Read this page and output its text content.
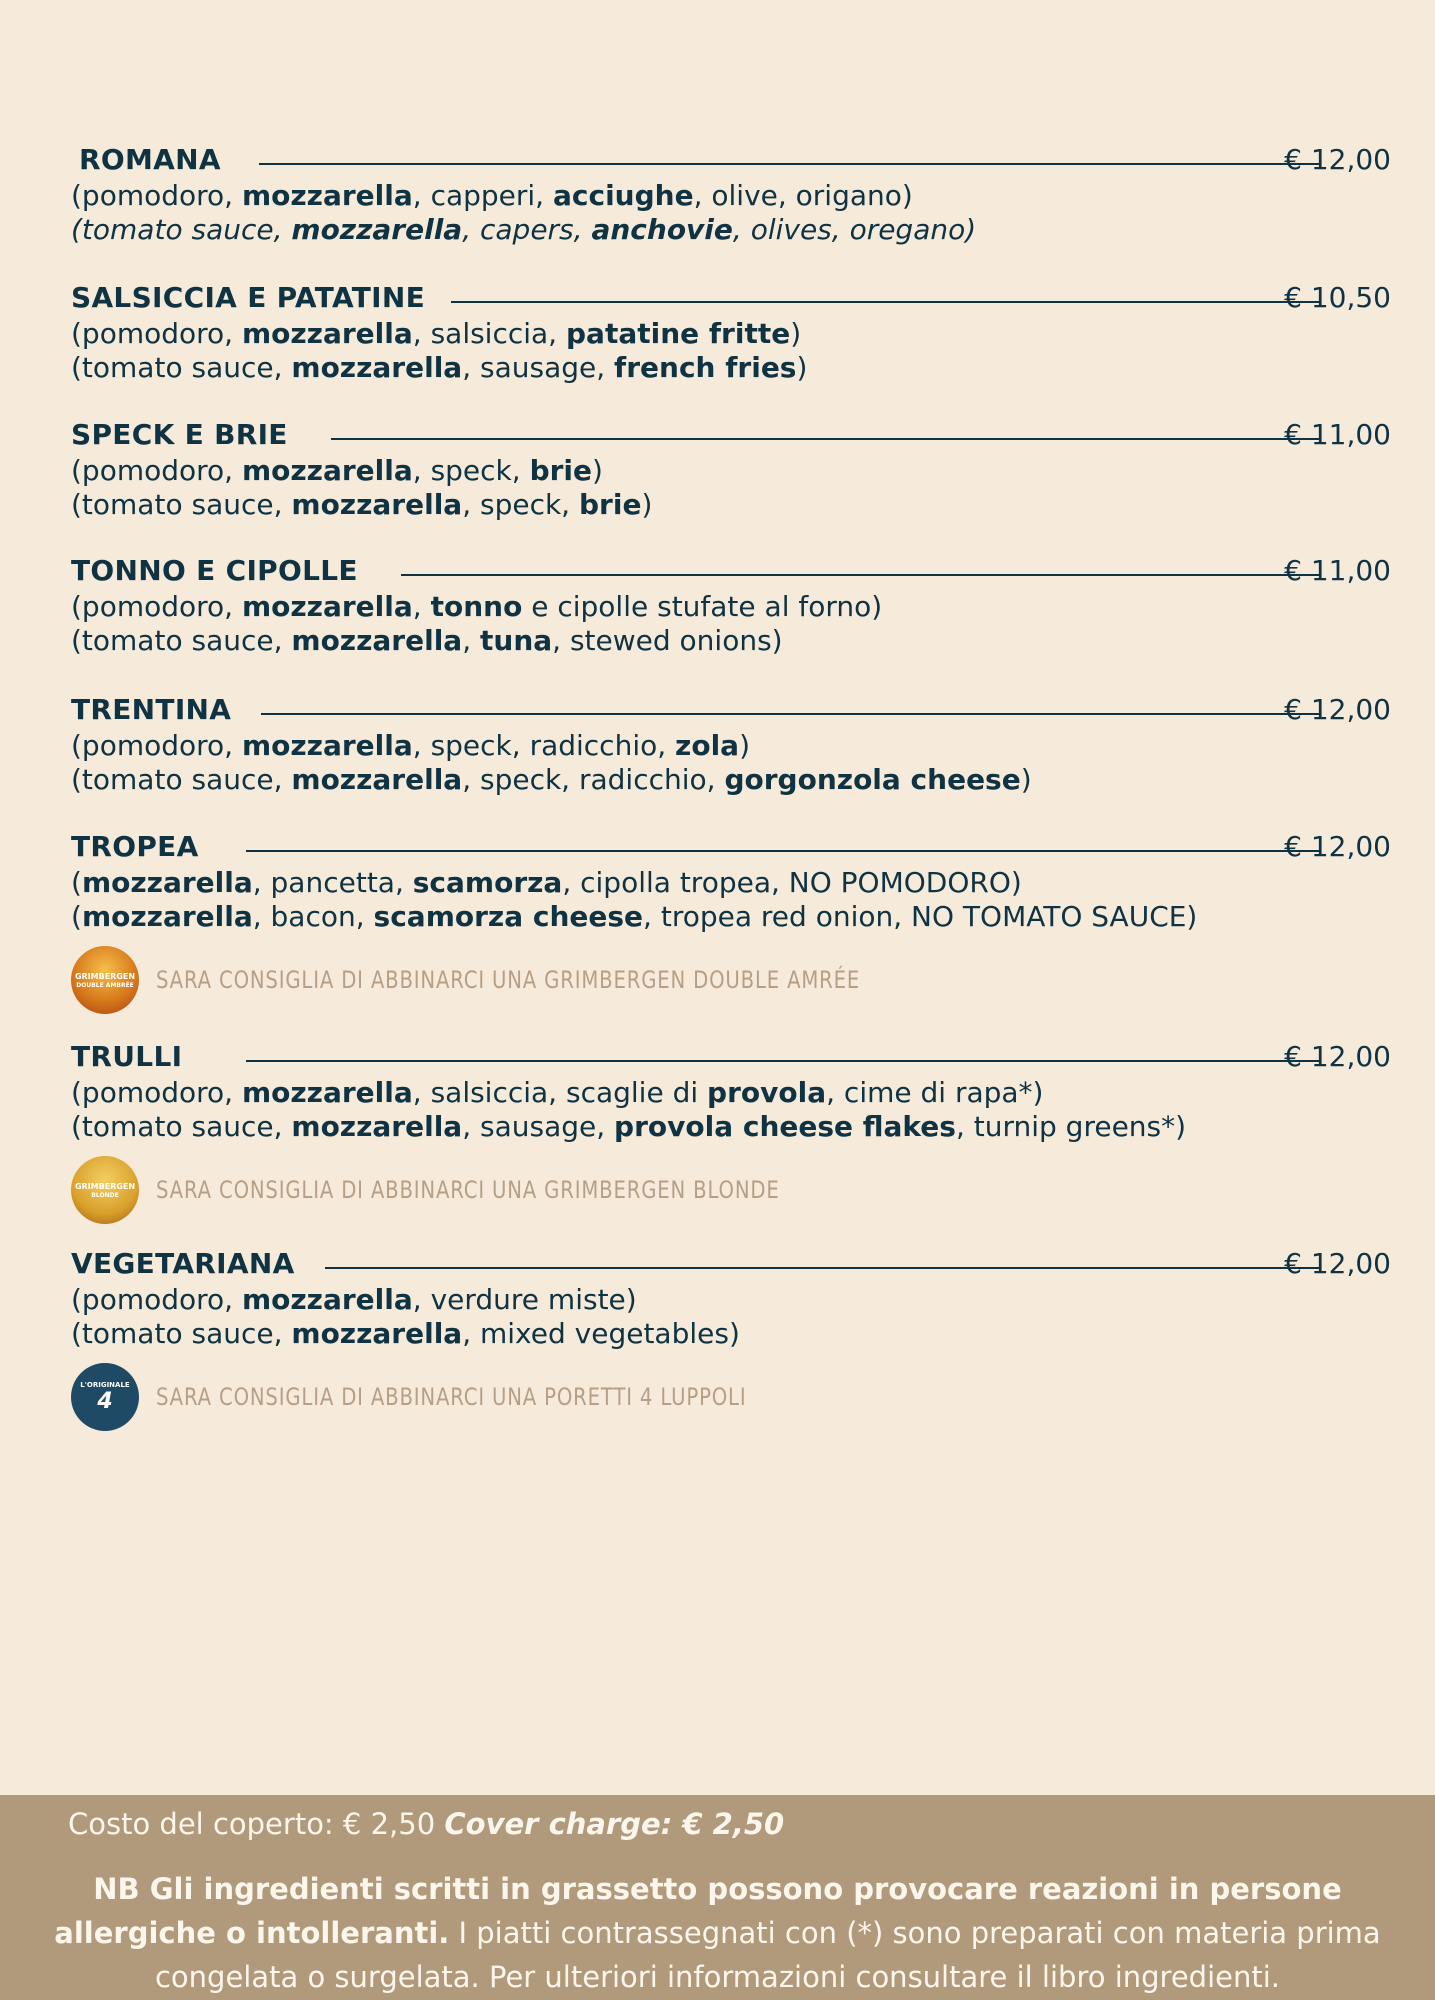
ROMANA	€ 12,00
(pomodoro, mozzarella, capperi, acciughe, olive, origano)
(tomato sauce, mozzarella, capers, anchovie, olives, oregano)
SALSICCIA E PATATINE	€ 10,50
(pomodoro, mozzarella, salsiccia, patatine fritte)
(tomato sauce, mozzarella, sausage, french fries)
SPECK E BRIE	€ 11,00
(pomodoro, mozzarella, speck, brie)
(tomato sauce, mozzarella, speck, brie)
TONNO E CIPOLLE	€ 11,00
(pomodoro, mozzarella, tonno e cipolle stufate al forno)
(tomato sauce, mozzarella, tuna, stewed onions)
TRENTINA	€ 12,00
(pomodoro, mozzarella, speck, radicchio, zola)
(tomato sauce, mozzarella, speck, radicchio, gorgonzola cheese)
TROPEA	€ 12,00
(mozzarella, pancetta, scamorza, cipolla tropea, NO POMODORO)
(mozzarella, bacon, scamorza cheese, tropea red onion, NO TOMATO SAUCE)
GRIMBERGEN
DOUBLE AMBRÉE SARA CONSIGLIA DI ABBINARCI UNA GRIMBERGEN DOUBLE AMRÉE
TRULLI	€ 12,00
(pomodoro, mozzarella, salsiccia, scaglie di provola, cime di rapa*)
(tomato sauce, mozzarella, sausage, provola cheese flakes, turnip greens*)
GRIMBERGEN
BLONDE SARA CONSIGLIA DI ABBINARCI UNA GRIMBERGEN BLONDE
VEGETARIANA	€ 12,00
(pomodoro, mozzarella, verdure miste)
(tomato sauce, mozzarella, mixed vegetables)
L'ORIGINALE
4 SARA CONSIGLIA DI ABBINARCI UNA PORETTI 4 LUPPOLI
Costo del coperto: € 2,50 Cover charge: € 2,50
NB Gli ingredienti scritti in grassetto possono provocare reazioni in persone allergiche o intolleranti. I piatti contrassegnati con (*) sono preparati con materia prima congelata o surgelata. Per ulteriori informazioni consultare il libro ingredienti.
